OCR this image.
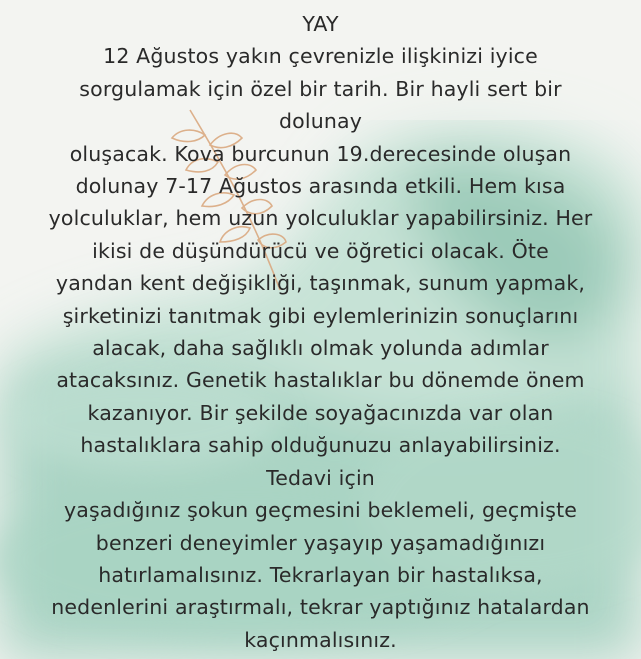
YAY
12 Ağustos yakın çevrenizle ilişkinizi iyice
sorgulamak için özel bir tarih. Bir hayli sert bir
dolunay
oluşacak. Kova burcunun 19.derecesinde oluşan
dolunay 7-17 Ağustos arasında etkili. Hem kısa
yolculuklar, hem uzun yolculuklar yapabilirsiniz. Her
ikisi de düşündürücü ve öğretici olacak. Öte
yandan kent değişikliği, taşınmak, sunum yapmak,
şirketinizi tanıtmak gibi eylemlerinizin sonuçlarını
alacak, daha sağlıklı olmak yolunda adımlar
atacaksınız. Genetik hastalıklar bu dönemde önem
kazanıyor. Bir şekilde soyağacınızda var olan
hastalıklara sahip olduğunuzu anlayabilirsiniz.
Tedavi için
yaşadığınız şokun geçmesini beklemeli, geçmişte
benzeri deneyimler yaşayıp yaşamadığınızı
hatırlamalısınız. Tekrarlayan bir hastalıksa,
nedenlerini araştırmalı, tekrar yaptığınız hatalardan
kaçınmalısınız.
